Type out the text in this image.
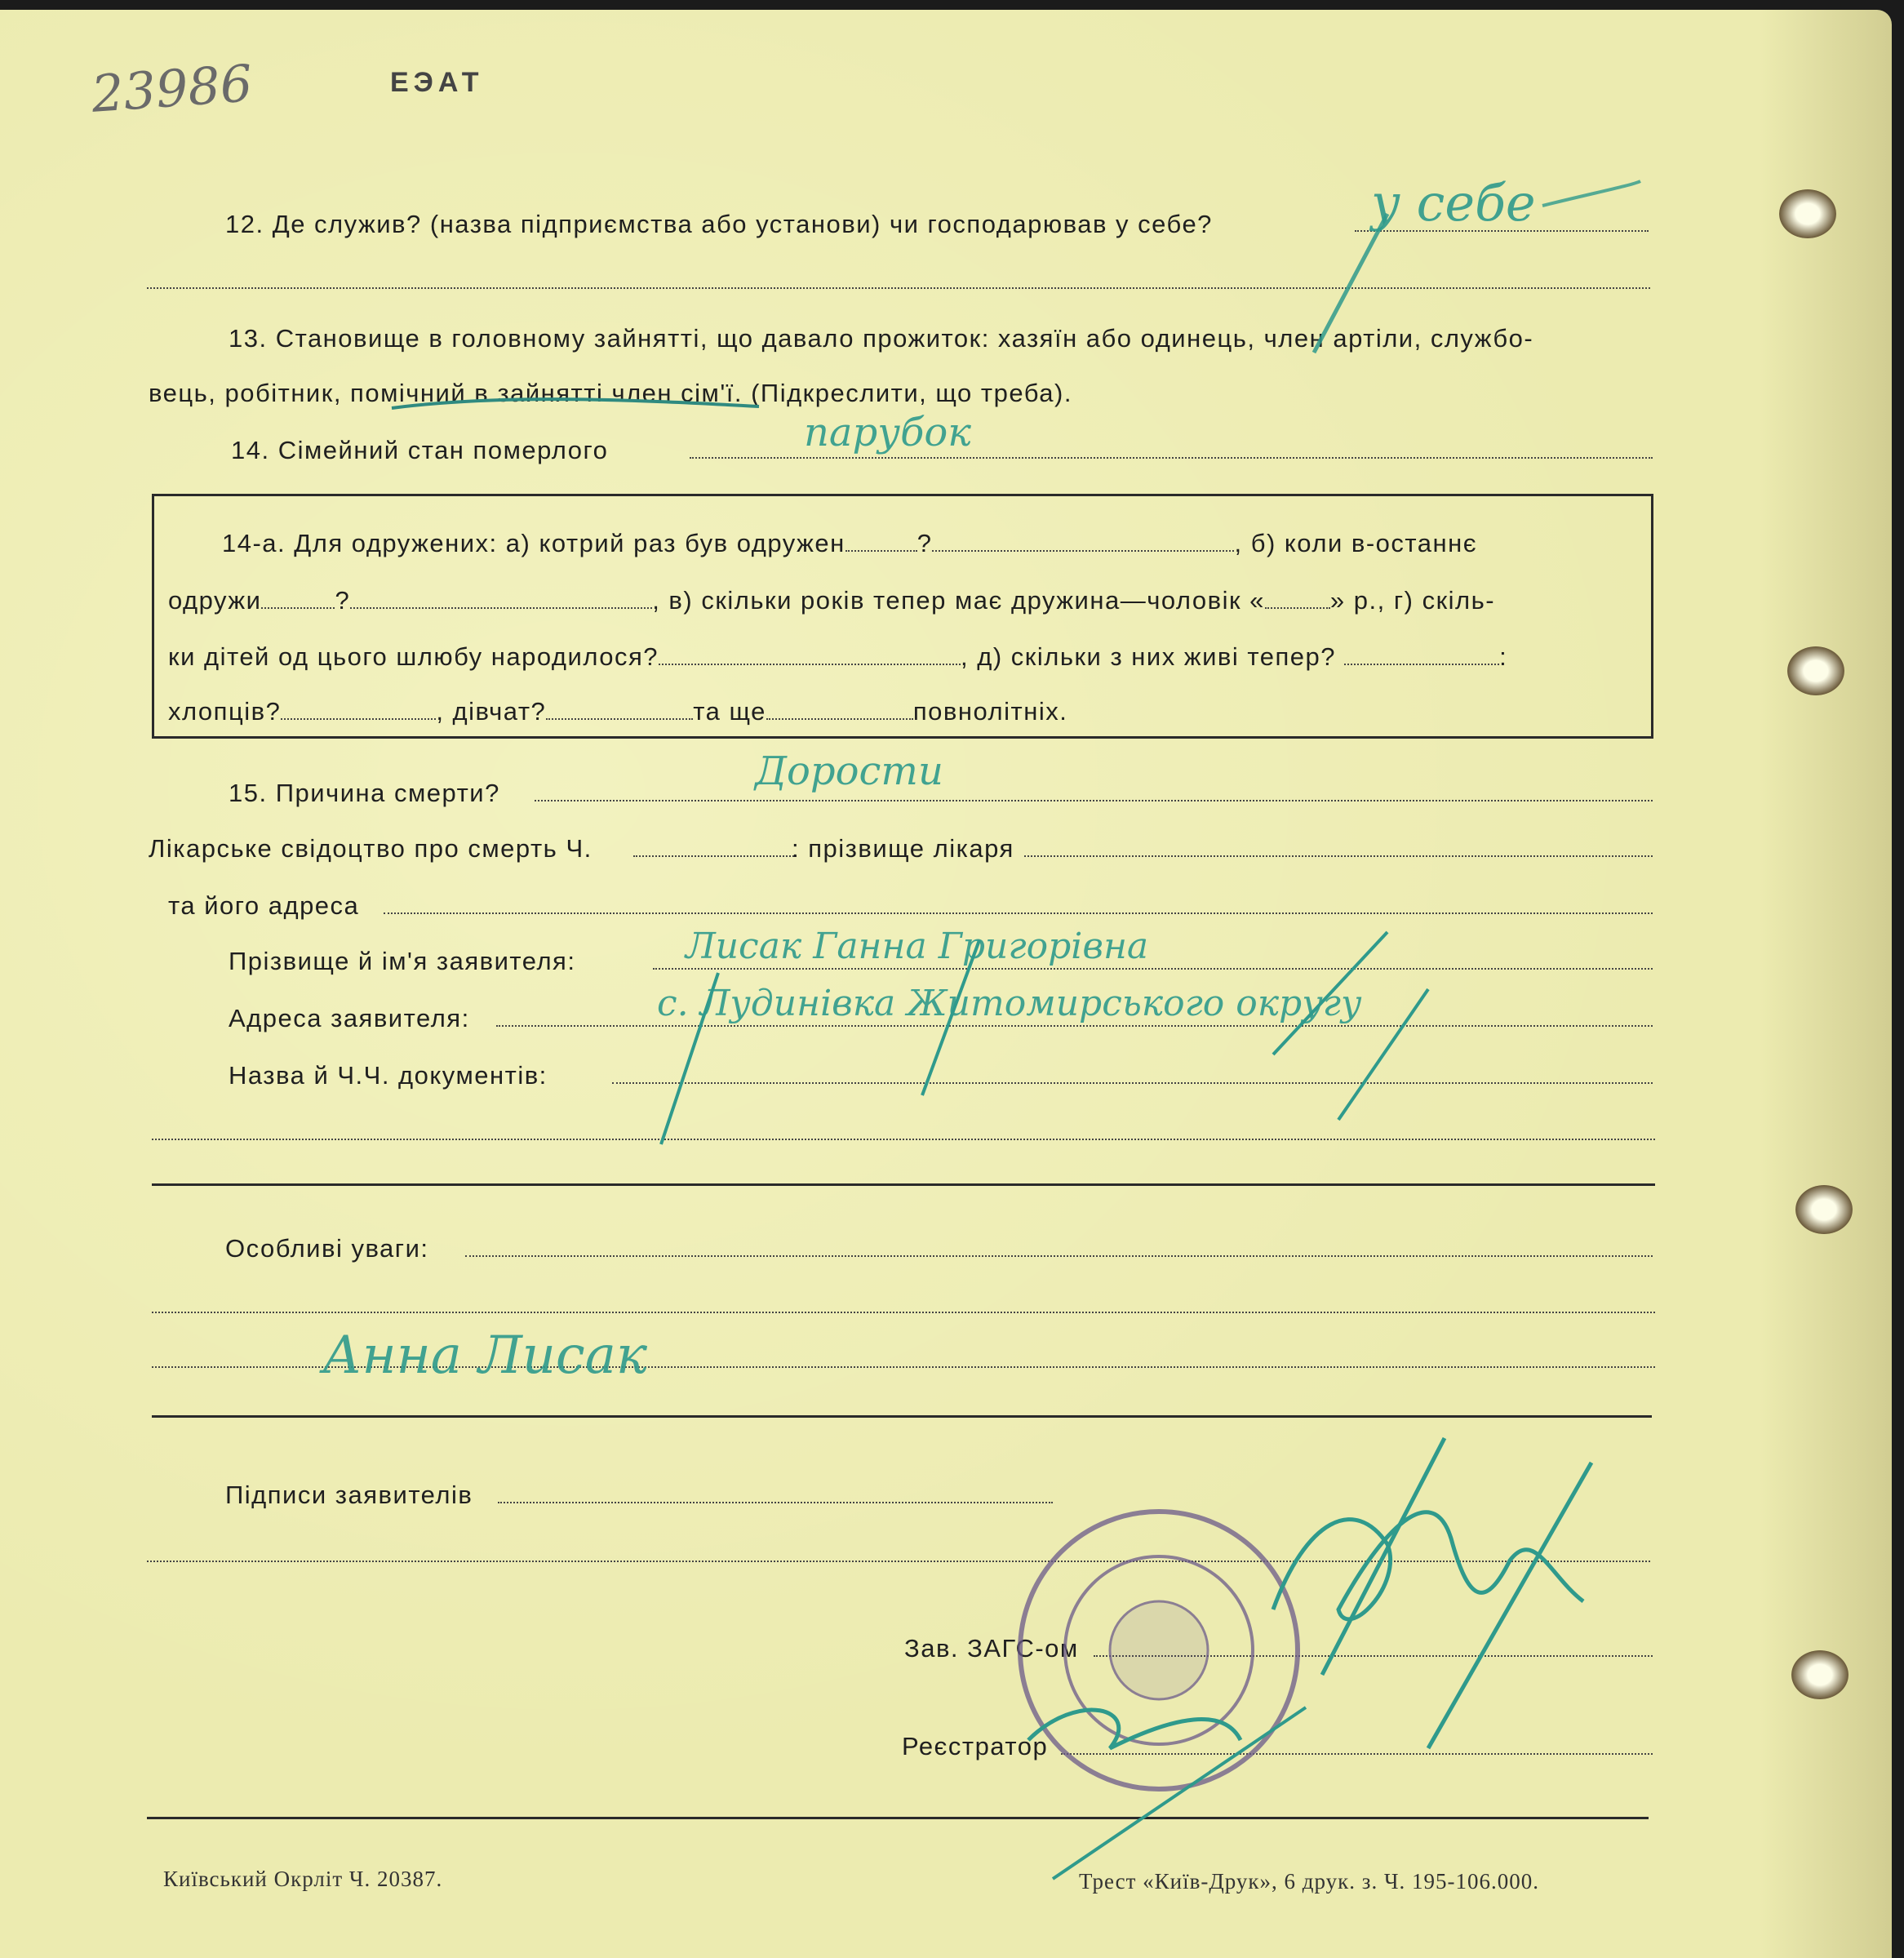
23986	ЕЭАТ
12. Де служив? (назва підприємства або установи) чи господарював у себе?	у себе
13. Становище в головному зайнятті, що давало прожиток: хазяїн або одинець, член артіли, службо-
вець, робітник, помічний в зайнятті член сім'ї. (Підкреслити, що треба).
14. Сімейний стан померлого	парубок
14-а. Для одружених: а) котрий раз був одружен	?	, б) коли в-останнє
одружи	?	, в) скільки років тепер має дружина—чоловік «	» р., г) скіль-
ки дітей од цього шлюбу народилося?	, д) скільки з них живі тепер?	:
хлопців?	, дівчат?	та ще	повнолітніх.
15. Причина смерти?	Дорости
Лікарське свідоцтво про смерть Ч.	: прізвище лікаря
та його адреса
Прізвище й ім'я заявителя:	Лисак Ганна Григорівна
Адреса заявителя:	с. Лудинівка Житомирського округу
Назва й Ч.Ч. документів:
Особливі уваги:
Анна Лисак
Підписи заявителів
Зав. ЗАГС-ом
Реєстратор
Київський Окрліт Ч. 20387.	Трест «Київ-Друк», 6 друк. з. Ч. 195-106.000.
